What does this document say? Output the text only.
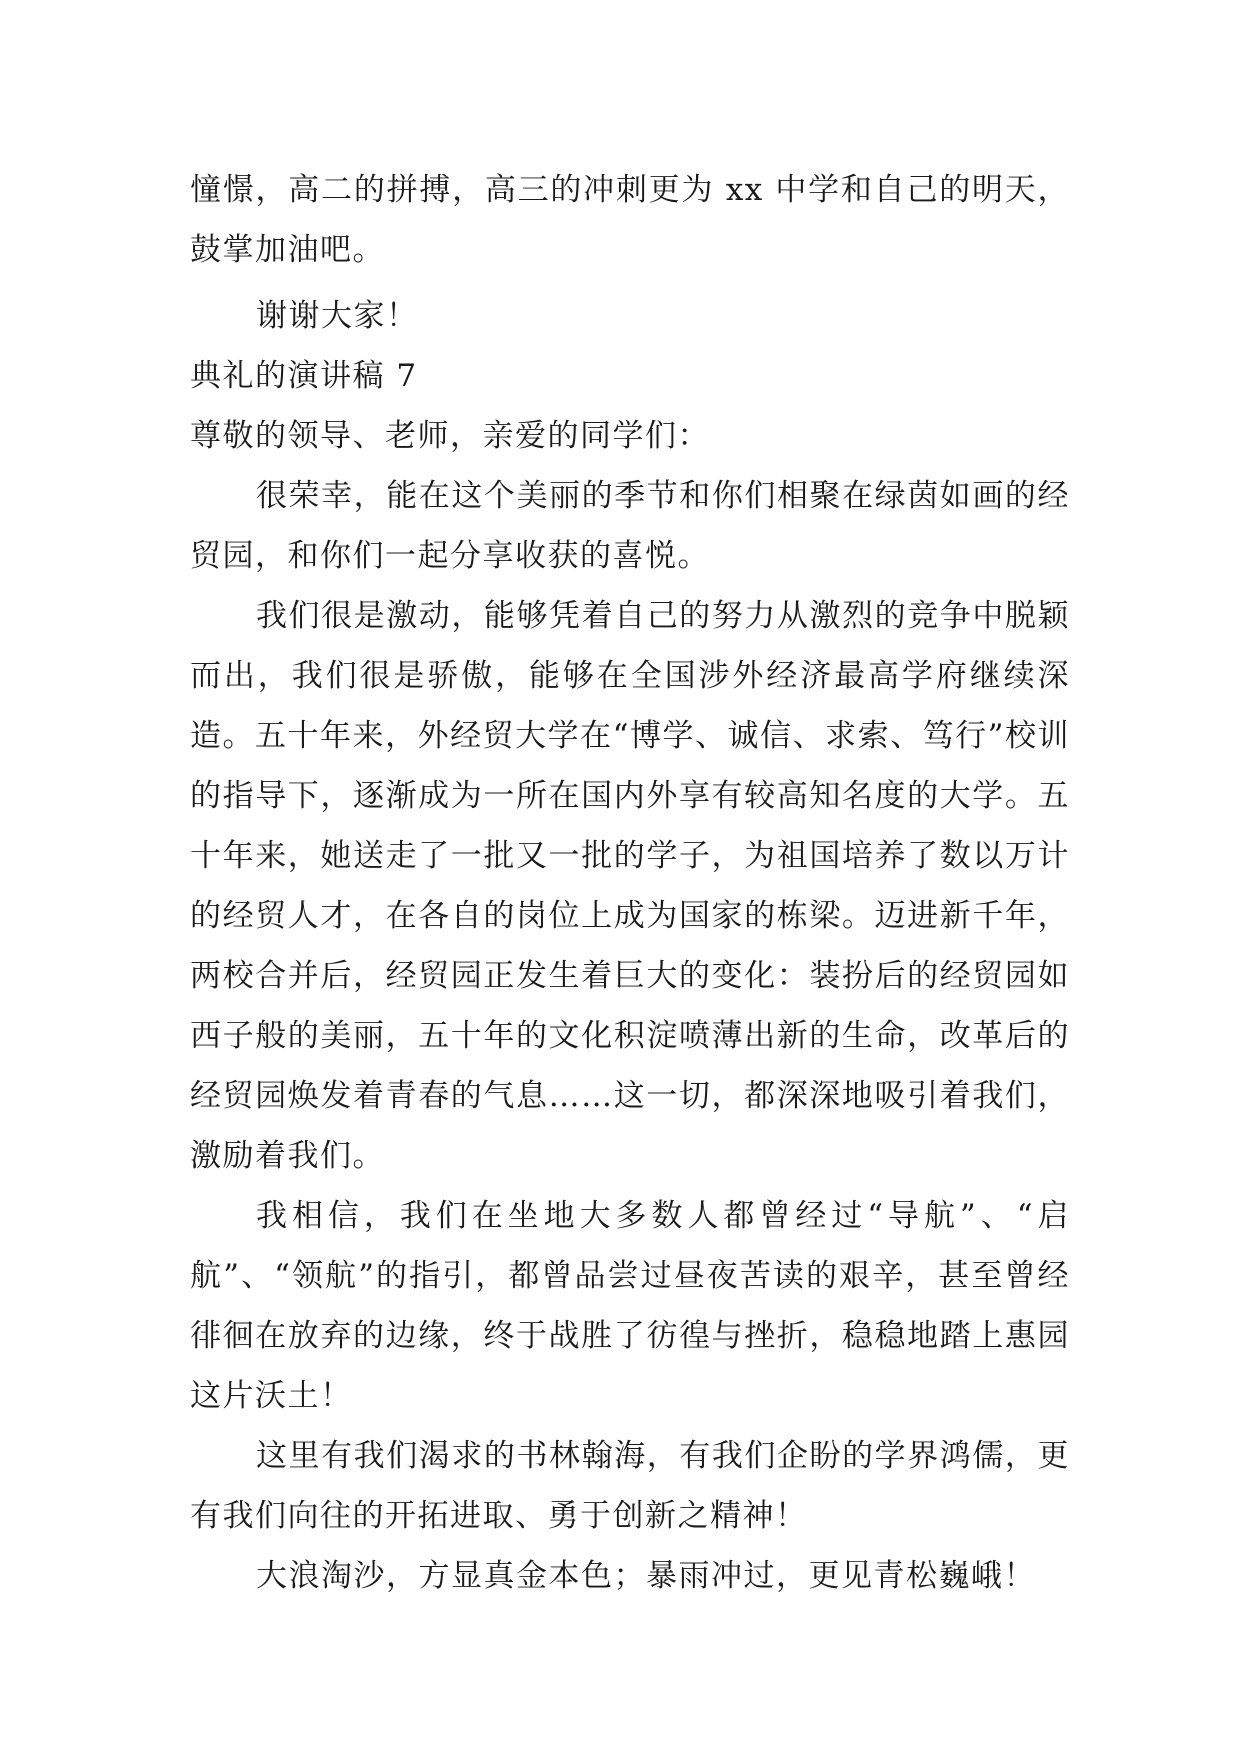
憧憬，高二的拼搏，高三的冲刺更为 xx 中学和自己的明天，鼓掌加油吧。

谢谢大家！

典礼的演讲稿 7

尊敬的领导、老师，亲爱的同学们：

很荣幸，能在这个美丽的季节和你们相聚在绿茵如画的经贸园，和你们一起分享收获的喜悦。

我们很是激动，能够凭着自己的努力从激烈的竞争中脱颖而出，我们很是骄傲，能够在全国涉外经济最高学府继续深造。五十年来，外经贸大学在“博学、诚信、求索、笃行”校训的指导下，逐渐成为一所在国内外享有较高知名度的大学。五十年来，她送走了一批又一批的学子，为祖国培养了数以万计的经贸人才，在各自的岗位上成为国家的栋梁。迈进新千年，两校合并后，经贸园正发生着巨大的变化：装扮后的经贸园如西子般的美丽，五十年的文化积淀喷薄出新的生命，改革后的经贸园焕发着青春的气息……这一切，都深深地吸引着我们，激励着我们。

我相信，我们在坐地大多数人都曾经过“导航”、“启航”、“领航”的指引，都曾品尝过昼夜苦读的艰辛，甚至曾经徘徊在放弃的边缘，终于战胜了彷徨与挫折，稳稳地踏上惠园这片沃土！

这里有我们渴求的书林翰海，有我们企盼的学界鸿儒，更有我们向往的开拓进取、勇于创新之精神！

大浪淘沙，方显真金本色；暴雨冲过，更见青松巍峨！
